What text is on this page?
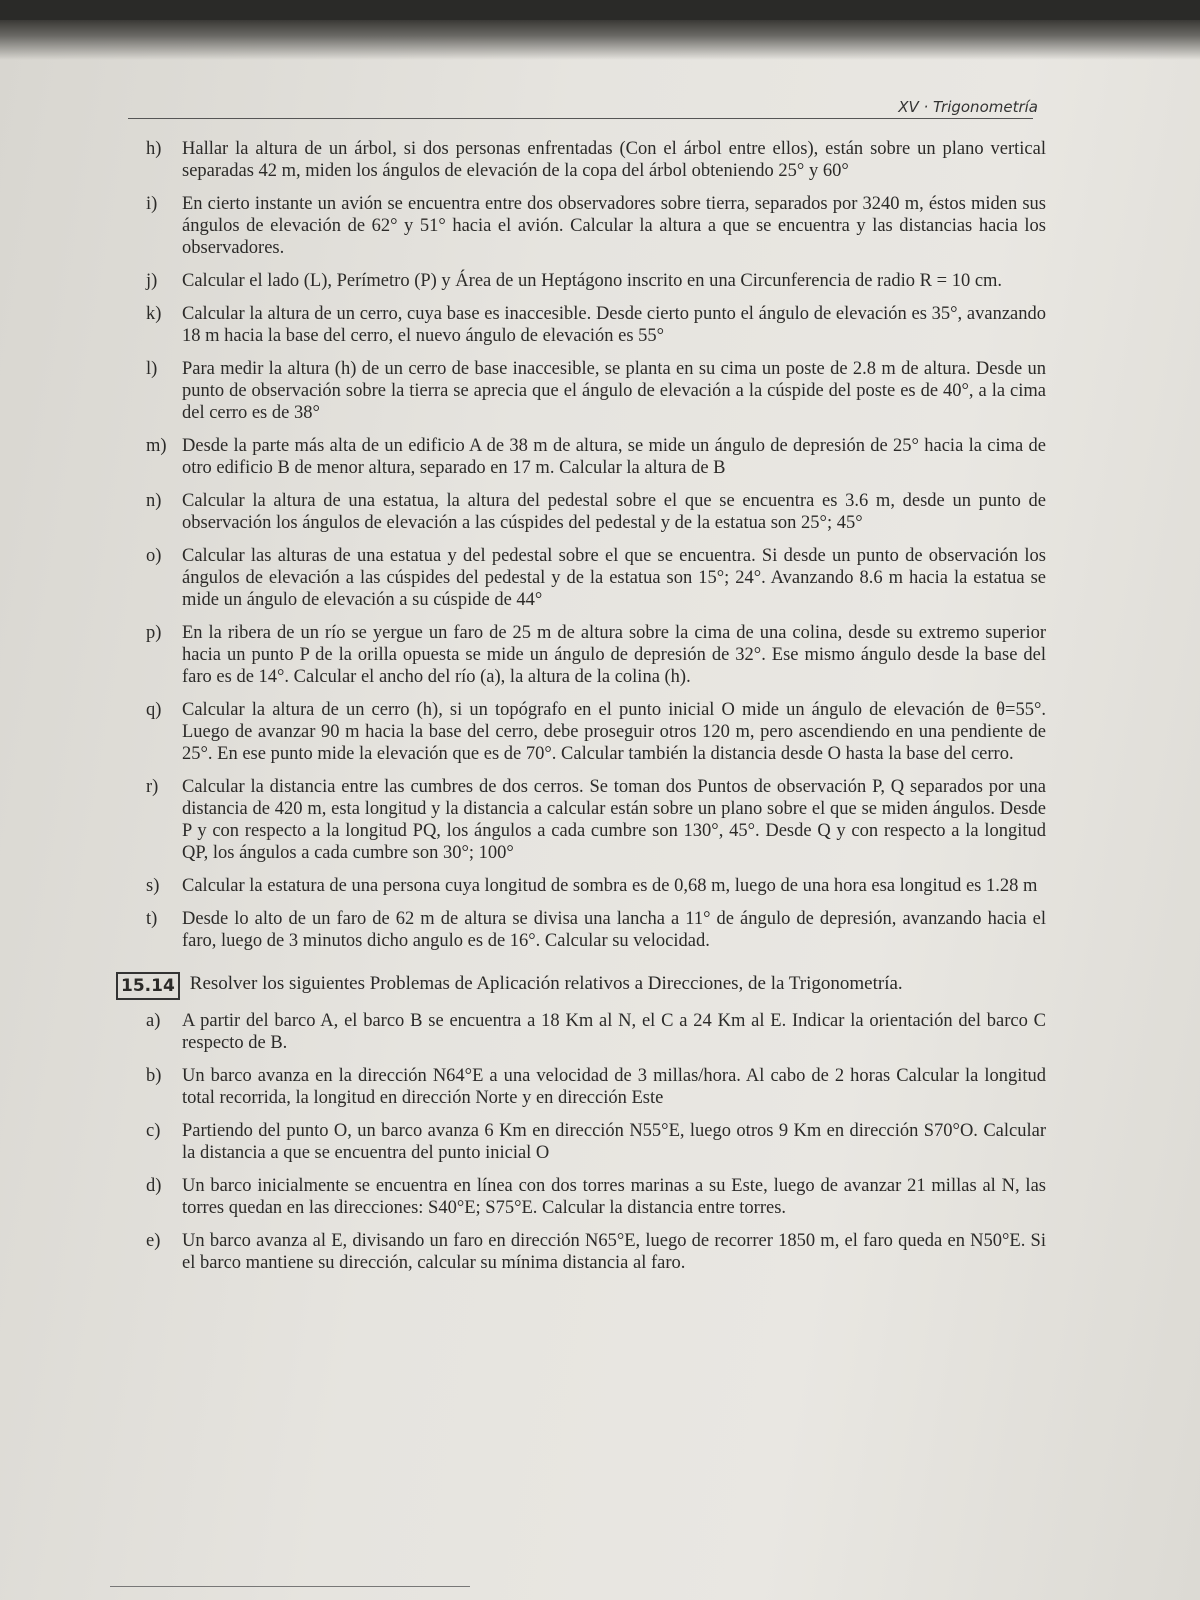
XV · Trigonometría
h)	Hallar la altura de un árbol, si dos personas enfrentadas (Con el árbol entre ellos), están sobre un plano vertical separadas 42 m, miden los ángulos de elevación de la copa del árbol obteniendo 25° y 60°
i)	En cierto instante un avión se encuentra entre dos observadores sobre tierra, separados por 3240 m, éstos miden sus ángulos de elevación de 62° y 51° hacia el avión. Calcular la altura a que se encuentra y las distancias hacia los observadores.
j)	Calcular el lado (L), Perímetro (P) y Área de un Heptágono inscrito en una Circunferencia de radio R = 10 cm.
k)	Calcular la altura de un cerro, cuya base es inaccesible. Desde cierto punto el ángulo de elevación es 35°, avanzando 18 m hacia la base del cerro, el nuevo ángulo de elevación es 55°
l)	Para medir la altura (h) de un cerro de base inaccesible, se planta en su cima un poste de 2.8 m de altura. Desde un punto de observación sobre la tierra se aprecia que el ángulo de elevación a la cúspide del poste es de 40°, a la cima del cerro es de 38°
m) Desde la parte más alta de un edificio A de 38 m de altura, se mide un ángulo de depresión de 25° hacia la cima de otro edificio B de menor altura, separado en 17 m. Calcular la altura de B
n)	Calcular la altura de una estatua, la altura del pedestal sobre el que se encuentra es 3.6 m, desde un punto de observación los ángulos de elevación a las cúspides del pedestal y de la estatua son 25°; 45°
o)	Calcular las alturas de una estatua y del pedestal sobre el que se encuentra. Si desde un punto de observación los ángulos de elevación a las cúspides del pedestal y de la estatua son 15°; 24°. Avanzando 8.6 m hacia la estatua se mide un ángulo de elevación a su cúspide de 44°
p)	En la ribera de un río se yergue un faro de 25 m de altura sobre la cima de una colina, desde su extremo superior hacia un punto P de la orilla opuesta se mide un ángulo de depresión de 32°. Ese mismo ángulo desde la base del faro es de 14°. Calcular el ancho del río (a), la altura de la colina (h).
q)	Calcular la altura de un cerro (h), si un topógrafo en el punto inicial O mide un ángulo de elevación de θ=55°. Luego de avanzar 90 m hacia la base del cerro, debe proseguir otros 120 m, pero ascendiendo en una pendiente de 25°. En ese punto mide la elevación que es de 70°. Calcular también la distancia desde O hasta la base del cerro.
r)	Calcular la distancia entre las cumbres de dos cerros. Se toman dos Puntos de observación P, Q separados por una distancia de 420 m, esta longitud y la distancia a calcular están sobre un plano sobre el que se miden ángulos. Desde P y con respecto a la longitud PQ, los ángulos a cada cumbre son 130°, 45°. Desde Q y con respecto a la longitud QP, los ángulos a cada cumbre son 30°; 100°
s)	Calcular la estatura de una persona cuya longitud de sombra es de 0,68 m, luego de una hora esa longitud es 1.28 m
t)	Desde lo alto de un faro de 62 m de altura se divisa una lancha a 11° de ángulo de depresión, avanzando hacia el faro, luego de 3 minutos dicho angulo es de 16°. Calcular su velocidad.
15.14 Resolver los siguientes Problemas de Aplicación relativos a Direcciones, de la Trigonometría.
a)	A partir del barco A, el barco B se encuentra a 18 Km al N, el C a 24 Km al E. Indicar la orientación del barco C respecto de B.
b)	Un barco avanza en la dirección N64°E a una velocidad de 3 millas/hora. Al cabo de 2 horas Calcular la longitud total recorrida, la longitud en dirección Norte y en dirección Este
c)	Partiendo del punto O, un barco avanza 6 Km en dirección N55°E, luego otros 9 Km en dirección S70°O. Calcular la distancia a que se encuentra del punto inicial O
d)	Un barco inicialmente se encuentra en línea con dos torres marinas a su Este, luego de avanzar 21 millas al N, las torres quedan en las direcciones: S40°E; S75°E. Calcular la distancia entre torres.
e)	Un barco avanza al E, divisando un faro en dirección N65°E, luego de recorrer 1850 m, el faro queda en N50°E. Si el barco mantiene su dirección, calcular su mínima distancia al faro.
